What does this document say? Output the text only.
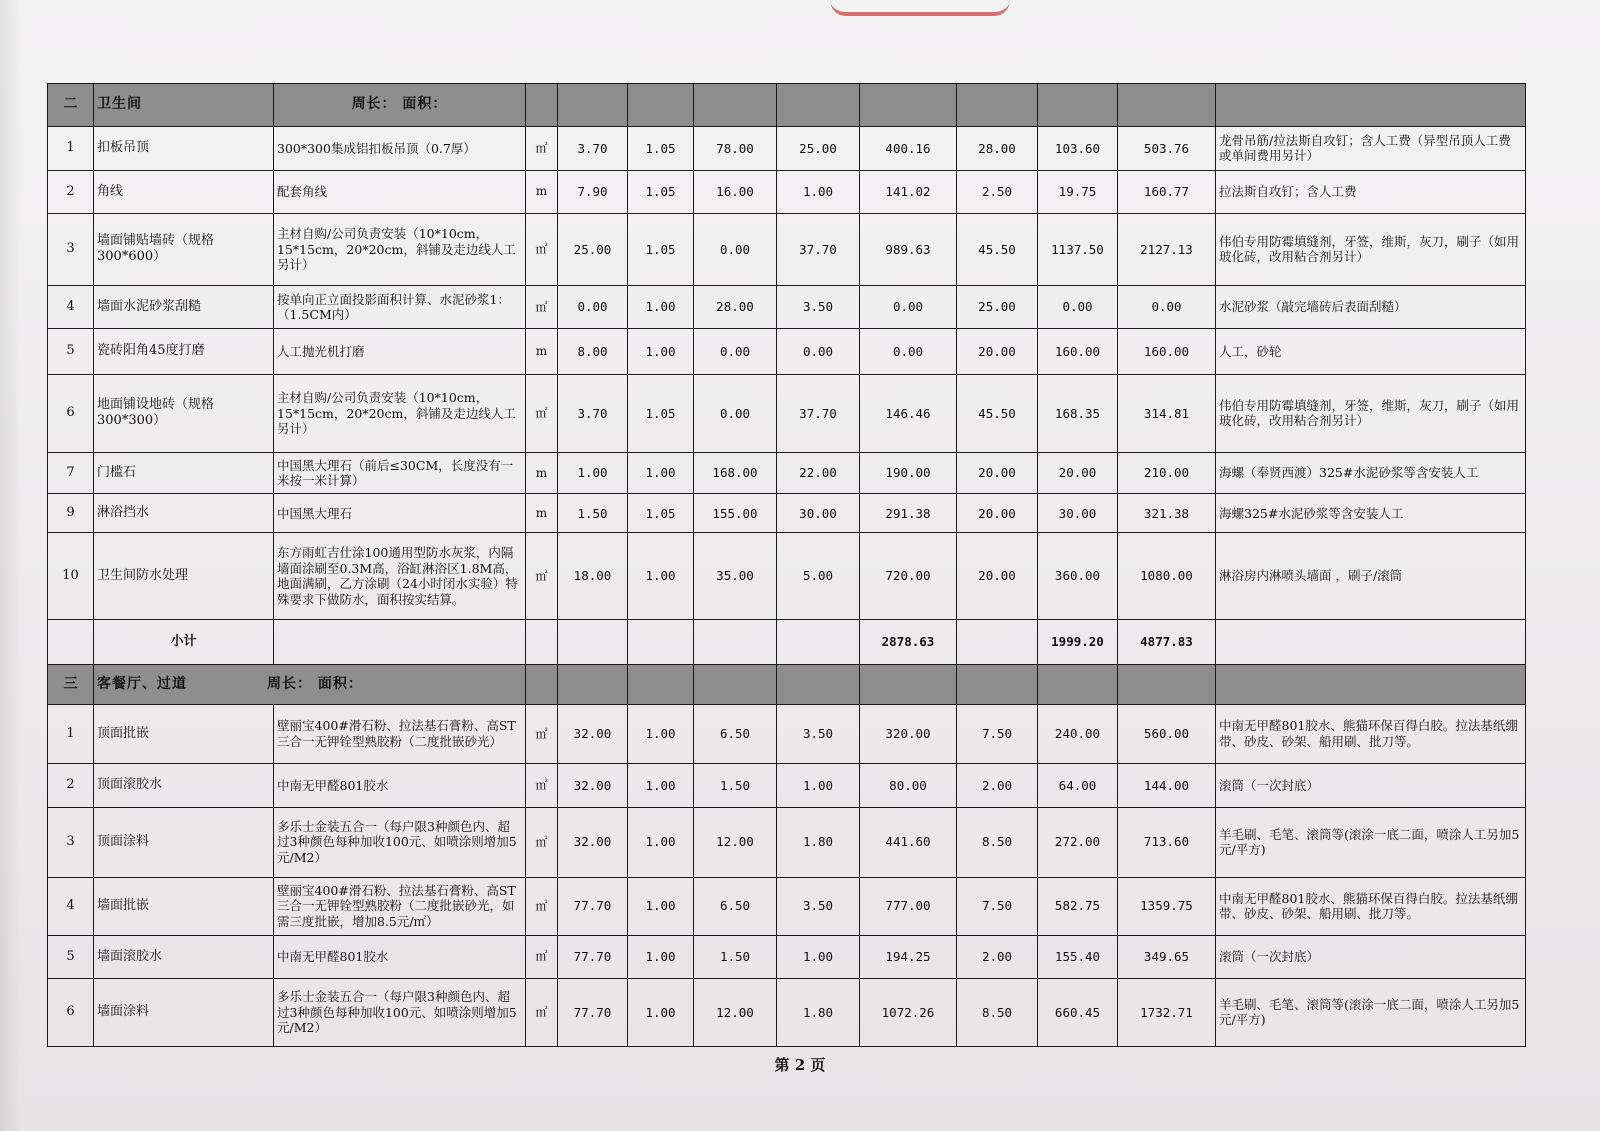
二	卫生间	周长： 面积：										
1	扣板吊顶	300*300集成铝扣板吊顶（0.7厚）	㎡	3.70	1.05	78.00	25.00	400.16	28.00	103.60	503.76	龙骨吊筋/拉法斯自攻钉；含人工费（异型吊顶人工费或单间费用另计）
2	角线	配套角线	m	7.90	1.05	16.00	1.00	141.02	2.50	19.75	160.77	拉法斯自攻钉；含人工费
3	墙面铺贴墙砖（规格300*600）	主材自购/公司负责安装（10*10cm，15*15cm，20*20cm，斜铺及走边线人工另计）	㎡	25.00	1.05	0.00	37.70	989.63	45.50	1137.50	2127.13	伟伯专用防霉填缝剂，牙签，维斯，灰刀，刷子（如用玻化砖，改用粘合剂另计）
4	墙面水泥砂浆刮糙	按单向正立面投影面积计算、水泥砂浆1：（1.5CM内）	㎡	0.00	1.00	28.00	3.50	0.00	25.00	0.00	0.00	水泥砂浆（敲完墙砖后表面刮糙）
5	瓷砖阳角45度打磨	人工抛光机打磨	m	8.00	1.00	0.00	0.00	0.00	20.00	160.00	160.00	人工，砂轮
6	地面铺设地砖（规格300*300）	主材自购/公司负责安装（10*10cm，15*15cm，20*20cm，斜铺及走边线人工另计）	㎡	3.70	1.05	0.00	37.70	146.46	45.50	168.35	314.81	伟伯专用防霉填缝剂，牙签，维斯，灰刀，刷子（如用玻化砖，改用粘合剂另计）
7	门槛石	中国黑大理石（前后≤30CM，长度没有一米按一米计算）	m	1.00	1.00	168.00	22.00	190.00	20.00	20.00	210.00	海螺（奉贤西渡）325#水泥砂浆等含安装人工
9	淋浴挡水	中国黑大理石	m	1.50	1.05	155.00	30.00	291.38	20.00	30.00	321.38	海螺325#水泥砂浆等含安装人工
10	卫生间防水处理	东方雨虹吉仕涂100通用型防水灰浆，内隔墙面涂刷至0.3M高，浴缸淋浴区1.8M高，地面满刷，乙方涂刷（24小时闭水实验）特殊要求下做防水，面积按实结算。	㎡	18.00	1.00	35.00	5.00	720.00	20.00	360.00	1080.00	淋浴房内淋喷头墙面 ，刷子/滚筒
	小计							2878.63		1999.20	4877.83	
三	客餐厅、过道 周长： 面积：											
1	顶面批嵌	壁丽宝400#滑石粉、拉法基石膏粉、高ST三合一无钾铨型熟胶粉（二度批嵌砂光）	㎡	32.00	1.00	6.50	3.50	320.00	7.50	240.00	560.00	中南无甲醛801胶水、熊猫环保百得白胶。拉法基纸绷带、砂皮、砂架、船用刷、批刀等。
2	顶面滚胶水	中南无甲醛801胶水	㎡	32.00	1.00	1.50	1.00	80.00	2.00	64.00	144.00	滚筒（一次封底）
3	顶面涂料	多乐士金装五合一（每户限3种颜色内、超过3种颜色每种加收100元、如喷涂则增加5元/M2）	㎡	32.00	1.00	12.00	1.80	441.60	8.50	272.00	713.60	羊毛刷、毛笔、滚筒等(滚涂一底二面，喷涂人工另加5元/平方)
4	墙面批嵌	壁丽宝400#滑石粉、拉法基石膏粉、高ST三合一无钾铨型熟胶粉（二度批嵌砂光，如需三度批嵌，增加8.5元/㎡）	㎡	77.70	1.00	6.50	3.50	777.00	7.50	582.75	1359.75	中南无甲醛801胶水、熊猫环保百得白胶。拉法基纸绷带、砂皮、砂架、船用刷、批刀等。
5	墙面滚胶水	中南无甲醛801胶水	㎡	77.70	1.00	1.50	1.00	194.25	2.00	155.40	349.65	滚筒（一次封底）
6	墙面涂料	多乐士金装五合一（每户限3种颜色内、超过3种颜色每种加收100元、如喷涂则增加5元/M2）	㎡	77.70	1.00	12.00	1.80	1072.26	8.50	660.45	1732.71	羊毛刷、毛笔、滚筒等(滚涂一底二面，喷涂人工另加5元/平方)
第 2 页
